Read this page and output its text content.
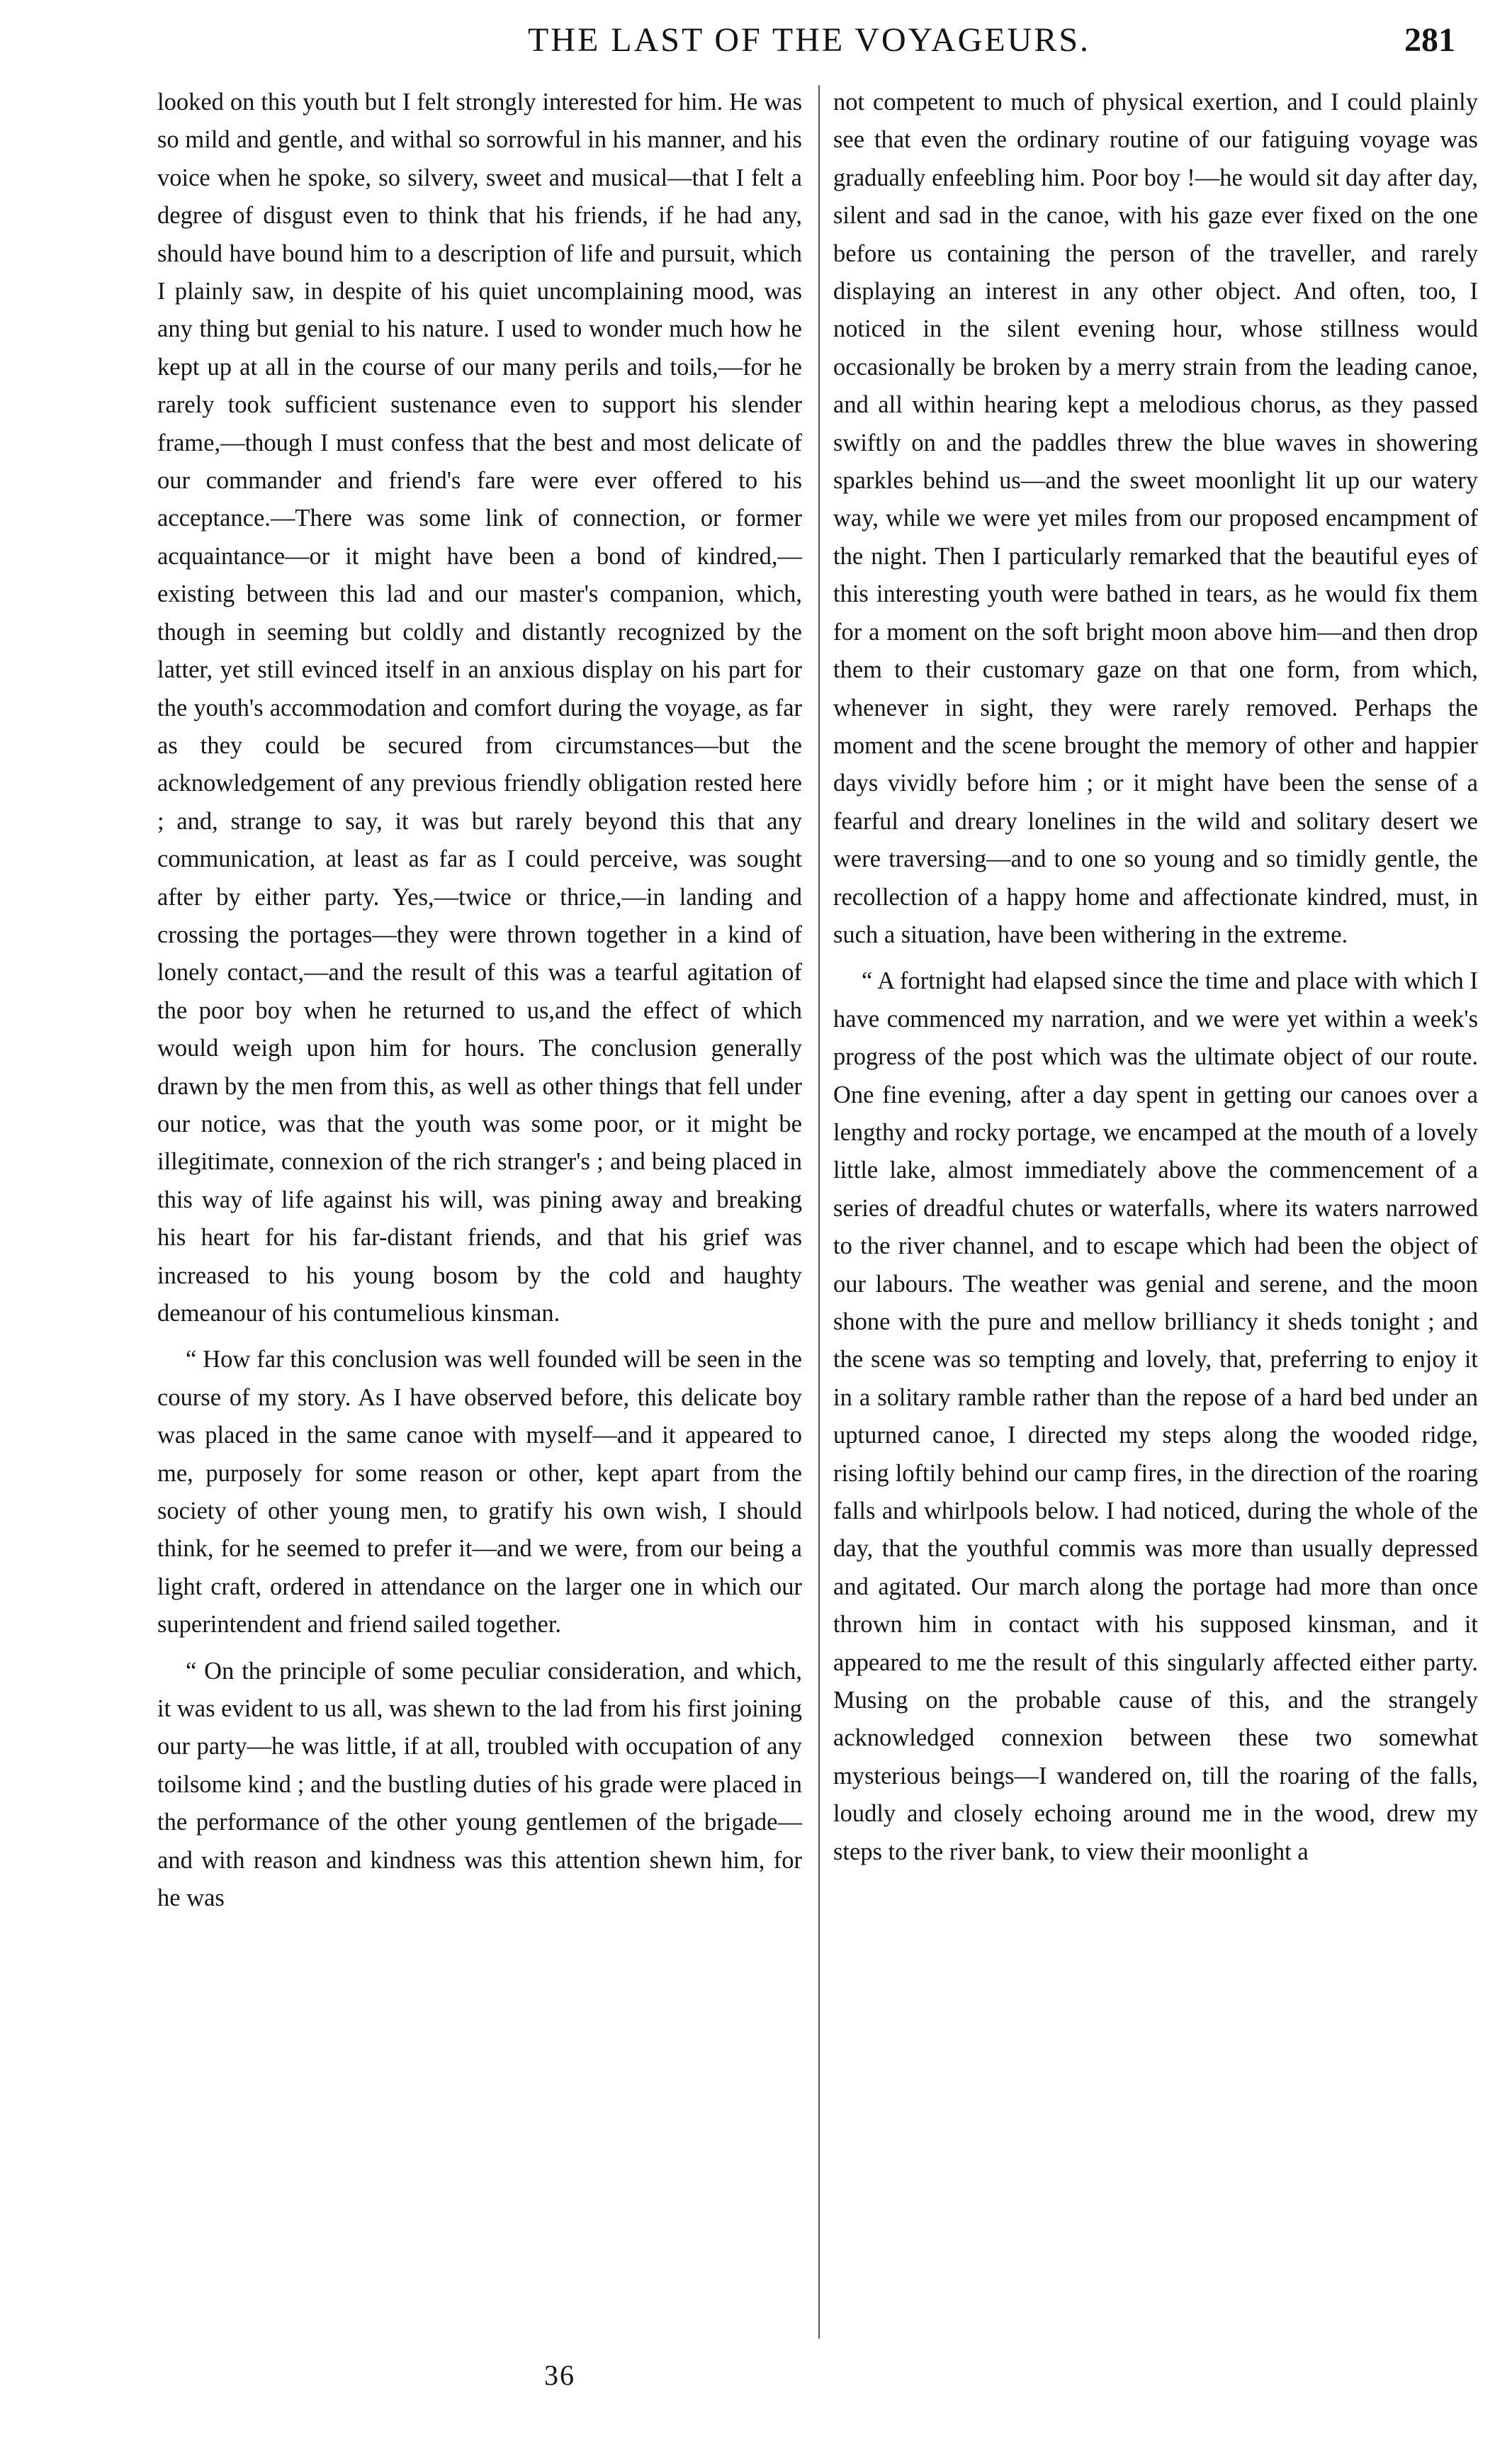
THE LAST OF THE VOYAGEURS.	281

looked on this youth but I felt strongly interested for him. He was so mild and gentle, and withal so sorrowful in his manner, and his voice when he spoke, so silvery, sweet and musical—that I felt a degree of disgust even to think that his friends, if he had any, should have bound him to a description of life and pursuit, which I plainly saw, in despite of his quiet uncomplaining mood, was any thing but genial to his nature. I used to wonder much how he kept up at all in the course of our many perils and toils,—for he rarely took sufficient sustenance even to support his slender frame,—though I must confess that the best and most delicate of our commander and friend's fare were ever offered to his acceptance.—There was some link of connection, or former acquaintance—or it might have been a bond of kindred,—existing between this lad and our master's companion, which, though in seeming but coldly and distantly recognized by the latter, yet still evinced itself in an anxious display on his part for the youth's accommodation and comfort during the voyage, as far as they could be secured from circumstances—but the acknowledgement of any previous friendly obligation rested here ; and, strange to say, it was but rarely beyond this that any communication, at least as far as I could perceive, was sought after by either party. Yes,—twice or thrice,—in landing and crossing the portages—they were thrown together in a kind of lonely contact,—and the result of this was a tearful agitation of the poor boy when he returned to us,and the effect of which would weigh upon him for hours. The conclusion generally drawn by the men from this, as well as other things that fell under our notice, was that the youth was some poor, or it might be illegitimate, connexion of the rich stranger's ; and being placed in this way of life against his will, was pining away and breaking his heart for his far-distant friends, and that his grief was increased to his young bosom by the cold and haughty demeanour of his contumelious kinsman.

“ How far this conclusion was well founded will be seen in the course of my story. As I have observed before, this delicate boy was placed in the same canoe with myself—and it appeared to me, purposely for some reason or other, kept apart from the society of other young men, to gratify his own wish, I should think, for he seemed to prefer it—and we were, from our being a light craft, ordered in attendance on the larger one in which our superintendent and friend sailed together.

“ On the principle of some peculiar consideration, and which, it was evident to us all, was shewn to the lad from his first joining our party—he was little, if at all, troubled with occupation of any toilsome kind ; and the bustling duties of his grade were placed in the performance of the other young gentlemen of the brigade—and with reason and kindness was this attention shewn him, for he was

not competent to much of physical exertion, and I could plainly see that even the ordinary routine of our fatiguing voyage was gradually enfeebling him. Poor boy !—he would sit day after day, silent and sad in the canoe, with his gaze ever fixed on the one before us containing the person of the traveller, and rarely displaying an interest in any other object. And often, too, I noticed in the silent evening hour, whose stillness would occasionally be broken by a merry strain from the leading canoe, and all within hearing kept a melodious chorus, as they passed swiftly on and the paddles threw the blue waves in showering sparkles behind us—and the sweet moonlight lit up our watery way, while we were yet miles from our proposed encampment of the night. Then I particularly remarked that the beautiful eyes of this interesting youth were bathed in tears, as he would fix them for a moment on the soft bright moon above him—and then drop them to their customary gaze on that one form, from which, whenever in sight, they were rarely removed. Perhaps the moment and the scene brought the memory of other and happier days vividly before him ; or it might have been the sense of a fearful and dreary lonelines in the wild and solitary desert we were traversing—and to one so young and so timidly gentle, the recollection of a happy home and affectionate kindred, must, in such a situation, have been withering in the extreme.

“ A fortnight had elapsed since the time and place with which I have commenced my narration, and we were yet within a week's progress of the post which was the ultimate object of our route. One fine evening, after a day spent in getting our canoes over a lengthy and rocky portage, we encamped at the mouth of a lovely little lake, almost immediately above the commencement of a series of dreadful chutes or waterfalls, where its waters narrowed to the river channel, and to escape which had been the object of our labours. The weather was genial and serene, and the moon shone with the pure and mellow brilliancy it sheds tonight ; and the scene was so tempting and lovely, that, preferring to enjoy it in a solitary ramble rather than the repose of a hard bed under an upturned canoe, I directed my steps along the wooded ridge, rising loftily behind our camp fires, in the direction of the roaring falls and whirlpools below. I had noticed, during the whole of the day, that the youthful commis was more than usually depressed and agitated. Our march along the portage had more than once thrown him in contact with his supposed kinsman, and it appeared to me the result of this singularly affected either party. Musing on the probable cause of this, and the strangely acknowledged connexion between these two somewhat mysterious beings—I wandered on, till the roaring of the falls, loudly and closely echoing around me in the wood, drew my steps to the river bank, to view their moonlight a

36
